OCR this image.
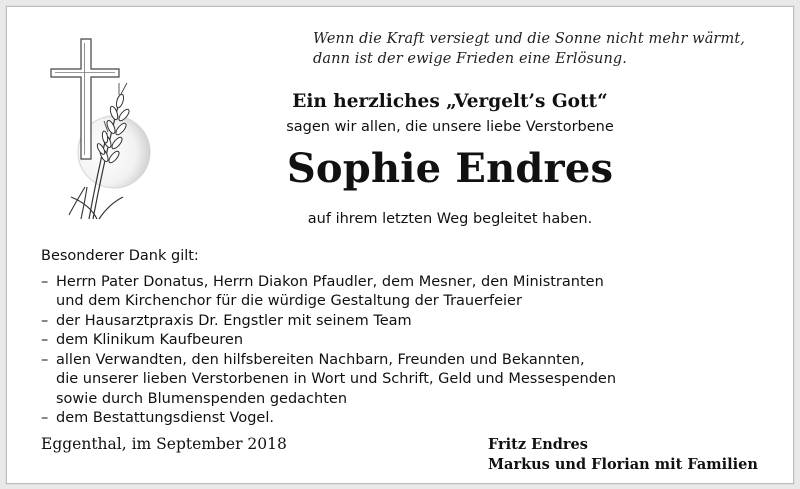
Wenn die Kraft versiegt und die Sonne nicht mehr wärmt,
dann ist der ewige Frieden eine Erlösung.
Ein herzliches „Vergelt’s Gott“
sagen wir allen, die unsere liebe Verstorbene
Sophie Endres
auf ihrem letzten Weg begleitet haben.
Besonderer Dank gilt:
– Herrn Pater Donatus, Herrn Diakon Pfaudler, dem Mesner, den Ministranten
und dem Kirchenchor für die würdige Gestaltung der Trauerfeier
– der Hausarztpraxis Dr. Engstler mit seinem Team
– dem Klinikum Kaufbeuren
– allen Verwandten, den hilfsbereiten Nachbarn, Freunden und Bekannten,
die unserer lieben Verstorbenen in Wort und Schrift, Geld und Messespenden
sowie durch Blumenspenden gedachten
– dem Bestattungsdienst Vogel.
Eggenthal, im September 2018	Fritz Endres
Markus und Florian mit Familien
